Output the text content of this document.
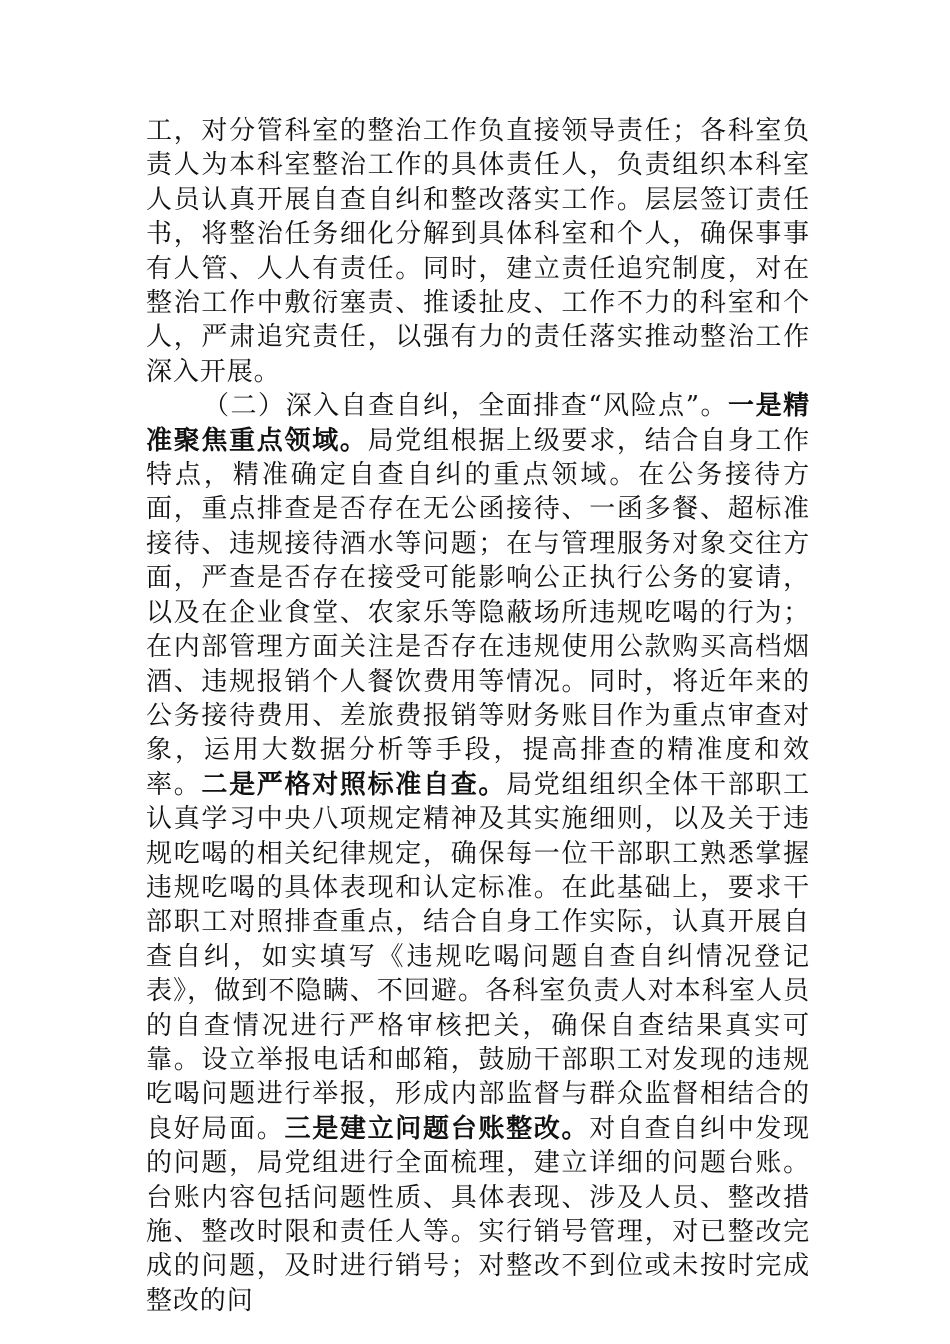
工，对分管科室的整治工作负直接领导责任；各科室负责人为本科室整治工作的具体责任人，负责组织本科室人员认真开展自查自纠和整改落实工作。层层签订责任书，将整治任务细化分解到具体科室和个人，确保事事有人管、人人有责任。同时，建立责任追究制度，对在整治工作中敷衍塞责、推诿扯皮、工作不力的科室和个人，严肃追究责任，以强有力的责任落实推动整治工作深入开展。

（二）深入自查自纠，全面排查“风险点”。一是精准聚焦重点领域。局党组根据上级要求，结合自身工作特点，精准确定自查自纠的重点领域。在公务接待方面，重点排查是否存在无公函接待、一函多餐、超标准接待、违规接待酒水等问题；在与管理服务对象交往方面，严查是否存在接受可能影响公正执行公务的宴请，以及在企业食堂、农家乐等隐蔽场所违规吃喝的行为；在内部管理方面关注是否存在违规使用公款购买高档烟酒、违规报销个人餐饮费用等情况。同时，将近年来的公务接待费用、差旅费报销等财务账目作为重点审查对象，运用大数据分析等手段，提高排查的精准度和效率。二是严格对照标准自查。局党组组织全体干部职工认真学习中央八项规定精神及其实施细则，以及关于违规吃喝的相关纪律规定，确保每一位干部职工熟悉掌握违规吃喝的具体表现和认定标准。在此基础上，要求干部职工对照排查重点，结合自身工作实际，认真开展自查自纠，如实填写《违规吃喝问题自查自纠情况登记表》，做到不隐瞒、不回避。各科室负责人对本科室人员的自查情况进行严格审核把关，确保自查结果真实可靠。设立举报电话和邮箱，鼓励干部职工对发现的违规吃喝问题进行举报，形成内部监督与群众监督相结合的良好局面。三是建立问题台账整改。对自查自纠中发现的问题，局党组进行全面梳理，建立详细的问题台账。台账内容包括问题性质、具体表现、涉及人员、整改措施、整改时限和责任人等。实行销号管理，对已整改完成的问题，及时进行销号；对整改不到位或未按时完成整改的问
